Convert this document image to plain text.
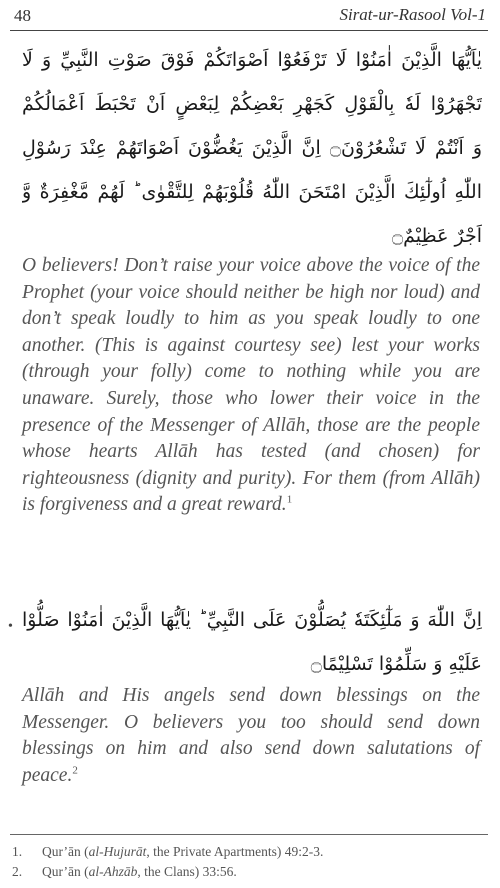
48	Sirat-ur-Rasool Vol-1
يٰاَيُّهَا الَّذِيْنَ اٰمَنُوْا لَا تَرْفَعُوْٓا اَصْوَاتَكُمْ فَوْقَ صَوْتِ النَّبِيِّ وَ لَا
تَجْهَرُوْا لَهٗ بِالْقَوْلِ كَجَهْرِ بَعْضِكُمْ لِبَعْضٍ اَنْ تَحْبَطَ اَعْمَالُكُمْ
وَ اَنْتُمْ لَا تَشْعُرُوْنَ۝ اِنَّ الَّذِيْنَ يَغُضُّوْنَ اَصْوَاتَهُمْ عِنْدَ رَسُوْلِ
اللّٰهِ اُولٰٓئِكَ الَّذِيْنَ امْتَحَنَ اللّٰهُ قُلُوْبَهُمْ لِلتَّقْوٰى ؕ لَهُمْ مَّغْفِرَةٌ وَّ
اَجْرٌ عَظِيْمٌ۝

O believers! Don’t raise your voice above the voice of the Prophet (your voice should neither be high nor loud) and don’t speak loudly to him as you speak loudly to one another. (This is against courtesy see) lest your works (through your folly) come to nothing while you are unaware. Surely, those who lower their voice in the presence of the Messenger of Allāh, those are the people whose hearts Allāh has tested (and chosen) for righteousness (dignity and purity). For them (from Allāh) is forgiveness and a great reward.$^1$

• اِنَّ اللّٰهَ وَ مَلٰٓئِكَتَهٗ يُصَلُّوْنَ عَلَى النَّبِيِّ ؕ يٰاَيُّهَا الَّذِيْنَ اٰمَنُوْا صَلُّوْا
عَلَيْهِ وَ سَلِّمُوْا تَسْلِيْمًا۝

Allāh and His angels send down blessings on the Messenger. O believers you too should send down blessings on him and also send down salutations of peace.$^2$

1.	Qur’ān (al-Hujurāt, the Private Apartments) 49:2-3.
2.	Qur’ān (al-Ahzāb, the Clans) 33:56.
